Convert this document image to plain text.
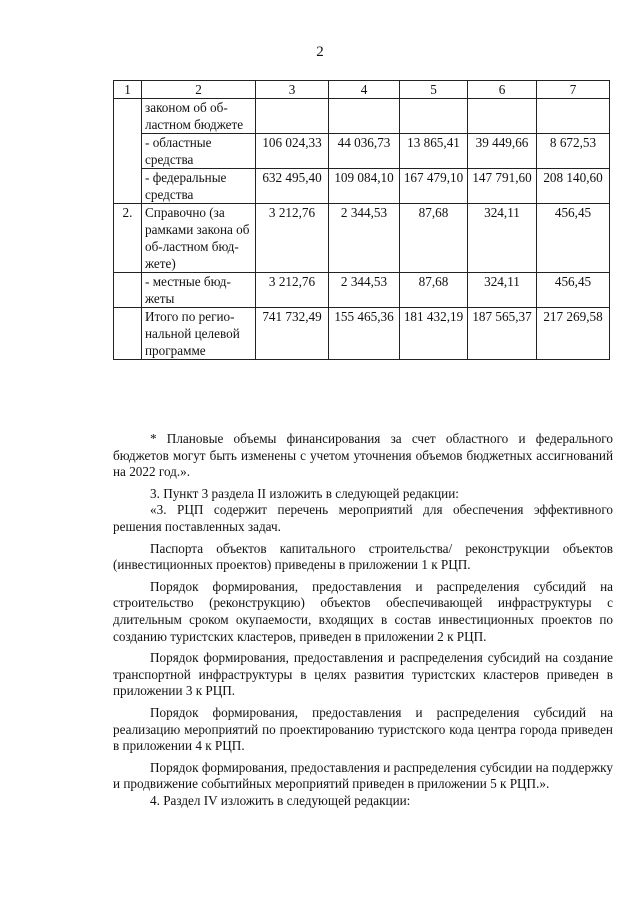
2
1	2	3	4	5	6	7
	законом об об-ластном бюджете					
	- областные средства	106 024,33	44 036,73	13 865,41	39 449,66	8 672,53
	- федеральные средства	632 495,40	109 084,10	167 479,10	147 791,60	208 140,60
2.	Справочно (за рамками закона об об-ластном бюд-жете)	3 212,76	2 344,53	87,68	324,11	456,45
	- местные бюд-жеты	3 212,76	2 344,53	87,68	324,11	456,45
	Итого по регио-нальной целевой программе	741 732,49	155 465,36	181 432,19	187 565,37	217 269,58

* Плановые объемы финансирования за счет областного и федерального бюджетов могут быть изменены с учетом уточнения объемов бюджетных ассигнований на 2022 год.».

3. Пункт 3 раздела II изложить в следующей редакции:

«3. РЦП содержит перечень мероприятий для обеспечения эффективного решения поставленных задач.

Паспорта объектов капитального строительства/ реконструкции объектов (инвестиционных проектов) приведены в приложении 1 к РЦП.

Порядок формирования, предоставления и распределения субсидий на строительство (реконструкцию) объектов обеспечивающей инфраструктуры с длительным сроком окупаемости, входящих в состав инвестиционных проектов по созданию туристских кластеров, приведен в приложении 2 к РЦП.

Порядок формирования, предоставления и распределения субсидий на создание транспортной инфраструктуры в целях развития туристских кластеров приведен в приложении 3 к РЦП.

Порядок формирования, предоставления и распределения субсидий на реализацию мероприятий по проектированию туристского кода центра города приведен в приложении 4 к РЦП.

Порядок формирования, предоставления и распределения субсидии на поддержку и продвижение событийных мероприятий приведен в приложении 5 к РЦП.».

4. Раздел IV изложить в следующей редакции:
